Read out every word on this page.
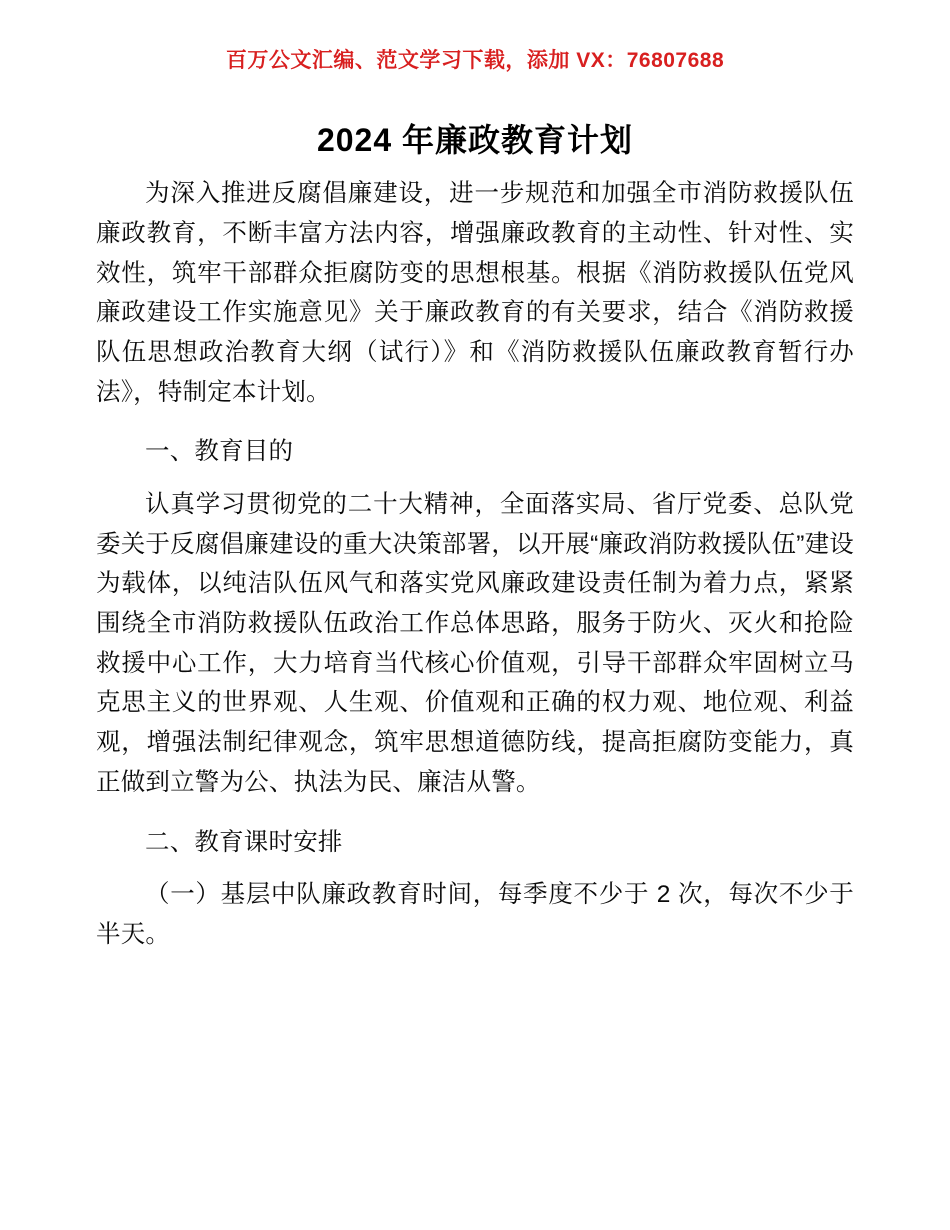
百万公文汇编、范文学习下载，添加 VX：76807688
2024 年廉政教育计划

为深入推进反腐倡廉建设，进一步规范和加强全市消防救援队伍廉政教育，不断丰富方法内容，增强廉政教育的主动性、针对性、实效性，筑牢干部群众拒腐防变的思想根基。根据《消防救援队伍党风廉政建设工作实施意见》关于廉政教育的有关要求，结合《消防救援队伍思想政治教育大纲（试行）》和《消防救援队伍廉政教育暂行办法》，特制定本计划。

一、教育目的

认真学习贯彻党的二十大精神，全面落实局、省厅党委、总队党委关于反腐倡廉建设的重大决策部署，以开展“廉政消防救援队伍”建设为载体，以纯洁队伍风气和落实党风廉政建设责任制为着力点，紧紧围绕全市消防救援队伍政治工作总体思路，服务于防火、灭火和抢险救援中心工作，大力培育当代核心价值观，引导干部群众牢固树立马克思主义的世界观、人生观、价值观和正确的权力观、地位观、利益观，增强法制纪律观念，筑牢思想道德防线，提高拒腐防变能力，真正做到立警为公、执法为民、廉洁从警。

二、教育课时安排

（一）基层中队廉政教育时间，每季度不少于 2 次，每次不少于半天。
